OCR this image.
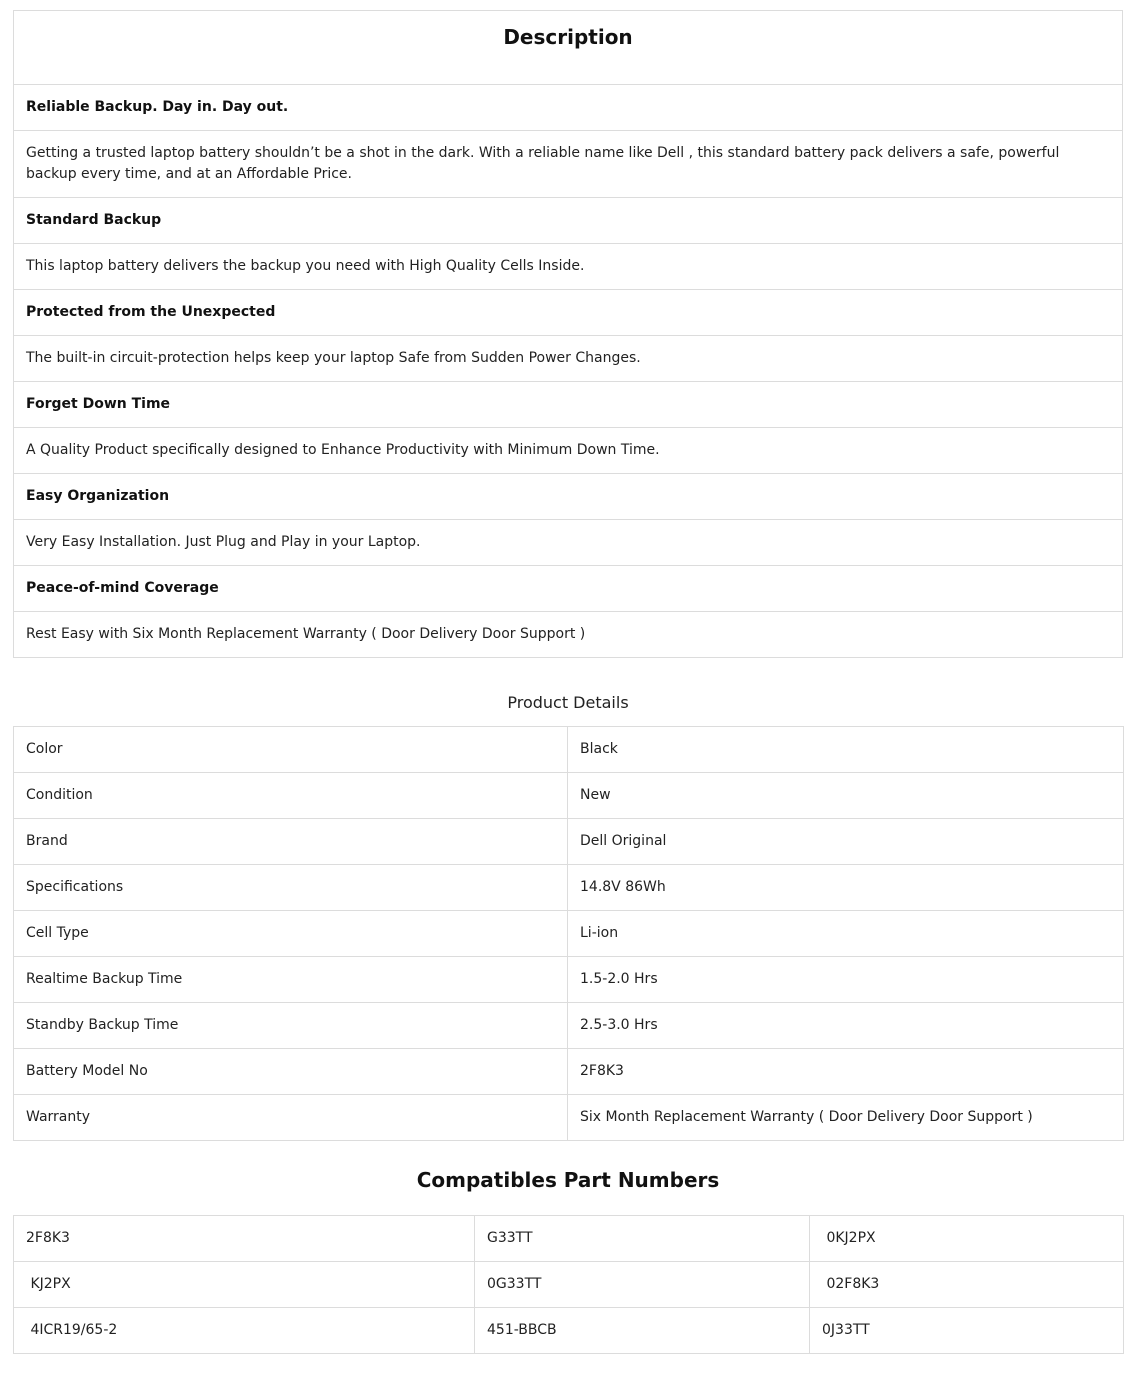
Description
Reliable Backup. Day in. Day out.
Getting a trusted laptop battery shouldn’t be a shot in the dark. With a reliable name like Dell , this standard battery pack delivers a safe, powerful backup every time, and at an Affordable Price.
Standard Backup
This laptop battery delivers the backup you need with High Quality Cells Inside.
Protected from the Unexpected
The built-in circuit-protection helps keep your laptop Safe from Sudden Power Changes.
Forget Down Time
A Quality Product specifically designed to Enhance Productivity with Minimum Down Time.
Easy Organization
Very Easy Installation. Just Plug and Play in your Laptop.
Peace-of-mind Coverage
Rest Easy with Six Month Replacement Warranty ( Door Delivery Door Support )
Product Details
Color	Black
Condition	New
Brand	Dell Original
Specifications	14.8V 86Wh
Cell Type	Li-ion
Realtime Backup Time	1.5-2.0 Hrs
Standby Backup Time	2.5-3.0 Hrs
Battery Model No	2F8K3
Warranty	Six Month Replacement Warranty ( Door Delivery Door Support )
Compatibles Part Numbers
2F8K3	G33TT	0KJ2PX
KJ2PX	0G33TT	02F8K3
4ICR19/65-2	451-BBCB	0J33TT
